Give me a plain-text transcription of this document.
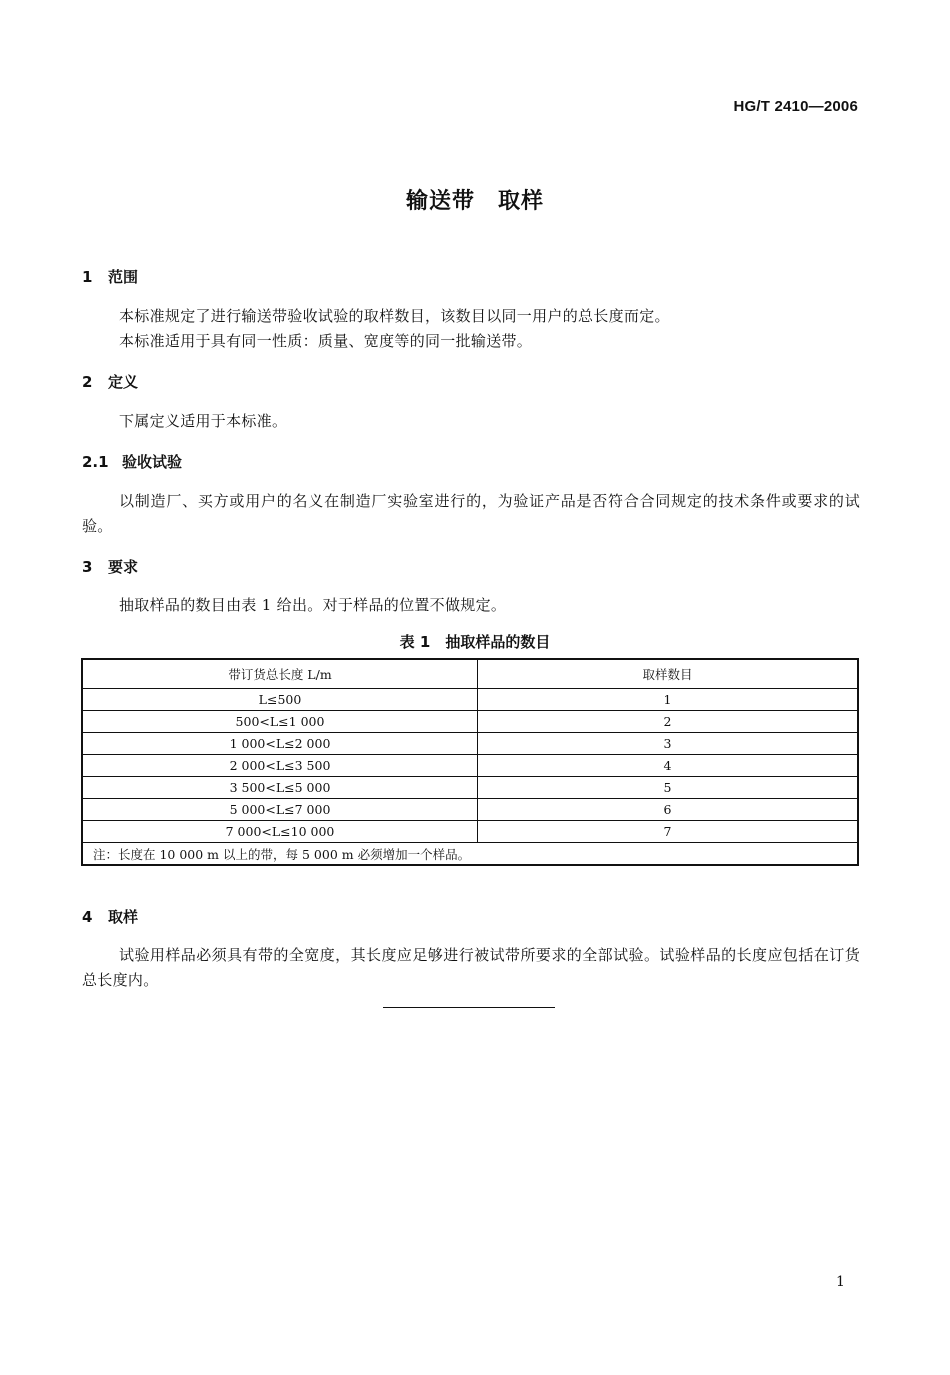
HG/T 2410—2006
输送带　取样
1 范围
本标准规定了进行输送带验收试验的取样数目，该数目以同一用户的总长度而定。
本标准适用于具有同一性质：质量、宽度等的同一批输送带。
2 定义
下属定义适用于本标准。
2.1 验收试验
以制造厂、买方或用户的名义在制造厂实验室进行的，为验证产品是否符合合同规定的技术条件或要求的试验。
3 要求
抽取样品的数目由表 1 给出。对于样品的位置不做规定。
表 1　抽取样品的数目
带订货总长度 L/m	取样数目
L≤500	1
500<L≤1 000	2
1 000<L≤2 000	3
2 000<L≤3 500	4
3 500<L≤5 000	5
5 000<L≤7 000	6
7 000<L≤10 000	7
注：长度在 10 000 m 以上的带，每 5 000 m 必须增加一个样品。	
4 取样
试验用样品必须具有带的全宽度，其长度应足够进行被试带所要求的全部试验。试验样品的长度应包括在订货总长度内。
1
